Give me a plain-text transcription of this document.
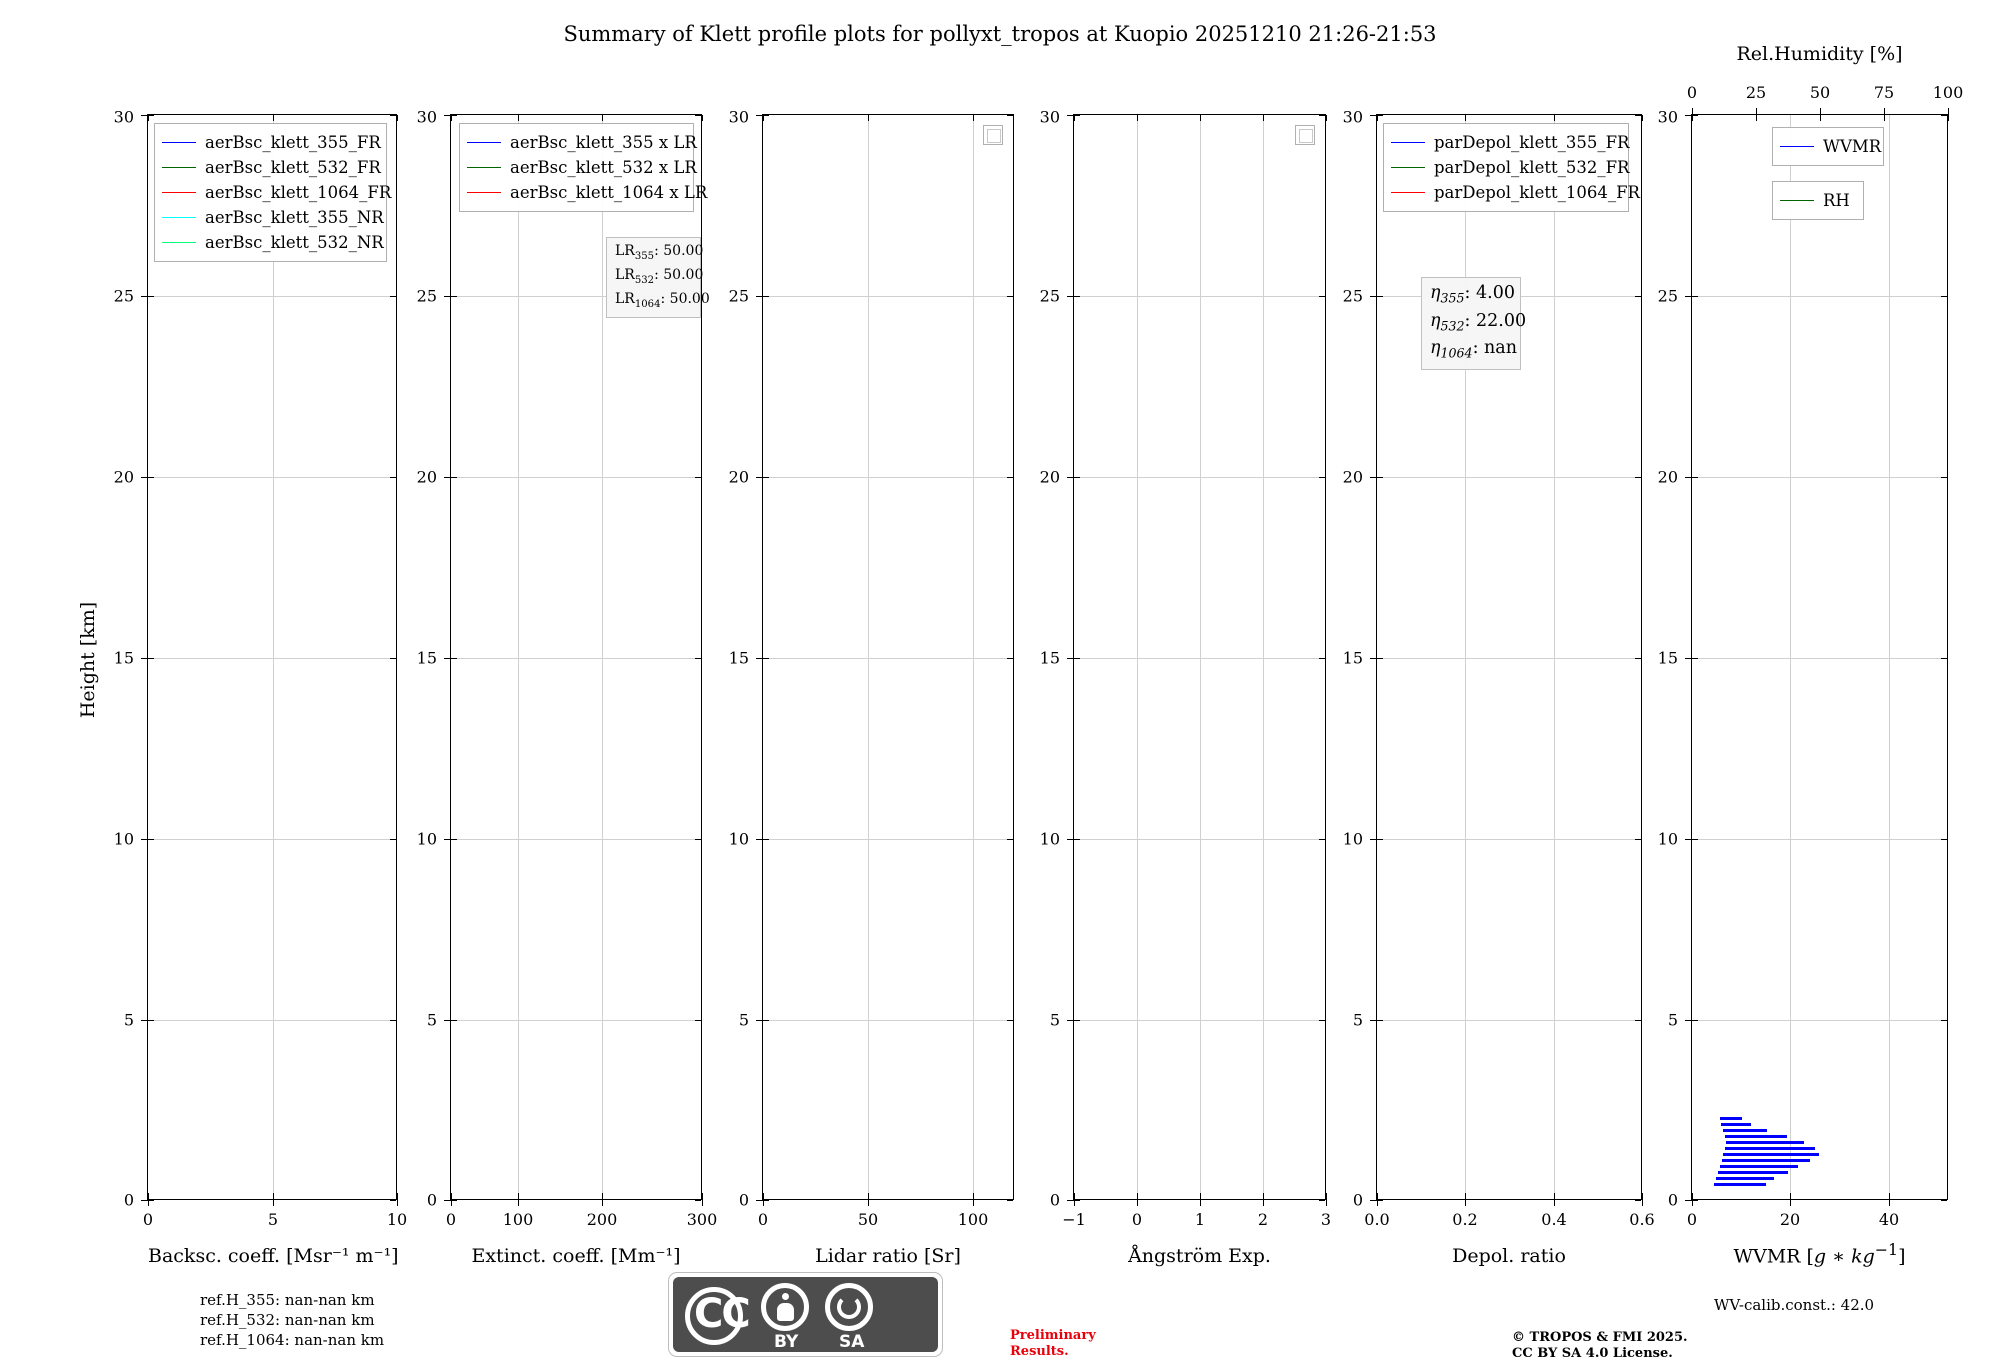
Summary of Klett profile plots for pollyxt_tropos at Kuopio 20251210 21:26-21:53
Height [km]
0
5
10
15
20
25
30
0	5	10
Backsc. coeff. [Msr⁻¹ m⁻¹]
aerBsc_klett_355_FR
aerBsc_klett_532_FR
aerBsc_klett_1064_FR
aerBsc_klett_355_NR
aerBsc_klett_532_NR
0
5
10
15
20
25
30
0	100	200	300
Extinct. coeff. [Mm⁻¹]
aerBsc_klett_355 x LR
aerBsc_klett_532 x LR
aerBsc_klett_1064 x LR
$LR_{355}$: 50.00
$LR_{532}$: 50.00
$LR_{1064}$: 50.00
0
5
10
15
20
25
30
0	50	100
Lidar ratio [Sr]
0
5
10
15
20
25
30
−1	0	1	2	3
Ångström Exp.
0
5
10
15
20
25
30
0.0	0.2	0.4	0.6
Depol. ratio
parDepol_klett_355_FR
parDepol_klett_532_FR
parDepol_klett_1064_FR
$\eta_{355}$: 4.00
$\eta_{532}$: 22.00
$\eta_{1064}$: nan
0
5
10
15
20
25
30
0	20	40
0	25	50	75 100
WVMR [g ∗ $kg^{-1}$]
Rel.Humidity [%]
WVMR
RH
ref.H_355: nan-nan km
ref.H_532: nan-nan km
ref.H_1064: nan-nan km
WV-calib.const.: 42.0
Preliminary
Results.
© TROPOS & FMI 2025.
CC BY SA 4.0 License.
CC
BY SA
